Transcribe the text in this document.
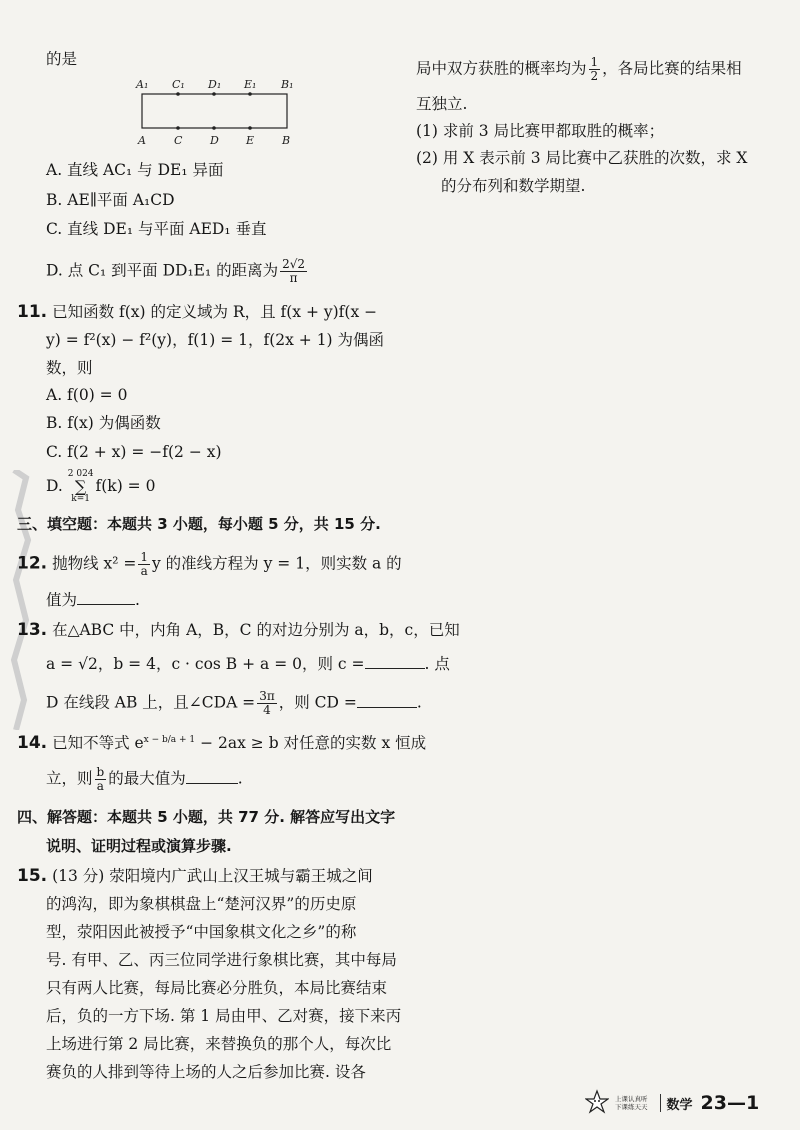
的是
A₁ C₁ D₁ E₁ B₁
A	C	D E	B
A. 直线 AC₁ 与 DE₁ 异面
B. AE∥平面 A₁CD
C. 直线 DE₁ 与平面 AED₁ 垂直
D. 点 C₁ 到平面 DD₁E₁ 的距离为 $\frac{2√2}{\pi}$
11. 已知函数 f(x) 的定义域为 R，且 f(x + y)f(x −
y) = f²(x) − f²(y)，f(1) = 1，f(2x + 1) 为偶函
数，则
A. f(0) = 0
B. f(x) 为偶函数
C. f(2 + x) = −f(2 − x)
D. 2 024
∑
k=1f(k) = 0
三、填空题：本题共 3 小题，每小题 5 分，共 15 分.
12. 抛物线 $x^2 = \frac{1}{a}$ y 的准线方程为 y = 1，则实数 a 的
值为	.
13. 在△ABC 中，内角 A，B，C 的对边分别为 a，b，c，已知
a = √2，b = 4，c · cos B + a = 0，则 c =	. 点
D 在线段 AB 上，且∠CDA = $\frac{3\pi}{4}$ ，则 CD =	.
14. 已知不等式 $e^{x - b/a + 1} - 2ax \ge b$ 对任意的实数 x 恒成
立，则 $\frac{b}{a}$ 的最大值为	.
四、解答题：本题共 5 小题，共 77 分. 解答应写出文字
说明、证明过程或演算步骤.
15. (13 分) 荥阳境内广武山上汉王城与霸王城之间
的鸿沟，即为象棋棋盘上“楚河汉界”的历史原
型，荥阳因此被授予“中国象棋文化之乡”的称
号. 有甲、乙、丙三位同学进行象棋比赛，其中每局
只有两人比赛，每局比赛必分胜负，本局比赛结束
后，负的一方下场. 第 1 局由甲、乙对赛，接下来丙
上场进行第 2 局比赛，来替换负的那个人，每次比
赛负的人排到等待上场的人之后参加比赛. 设各
局中双方获胜的概率均为 $\frac{1}{2}$ ，各局比赛的结果相
互独立.
(1) 求前 3 局比赛甲都取胜的概率；
(2) 用 X 表示前 3 局比赛中乙获胜的次数，求 X
的分布列和数学期望.
上课认真听
下课练天天 数学 23—1
